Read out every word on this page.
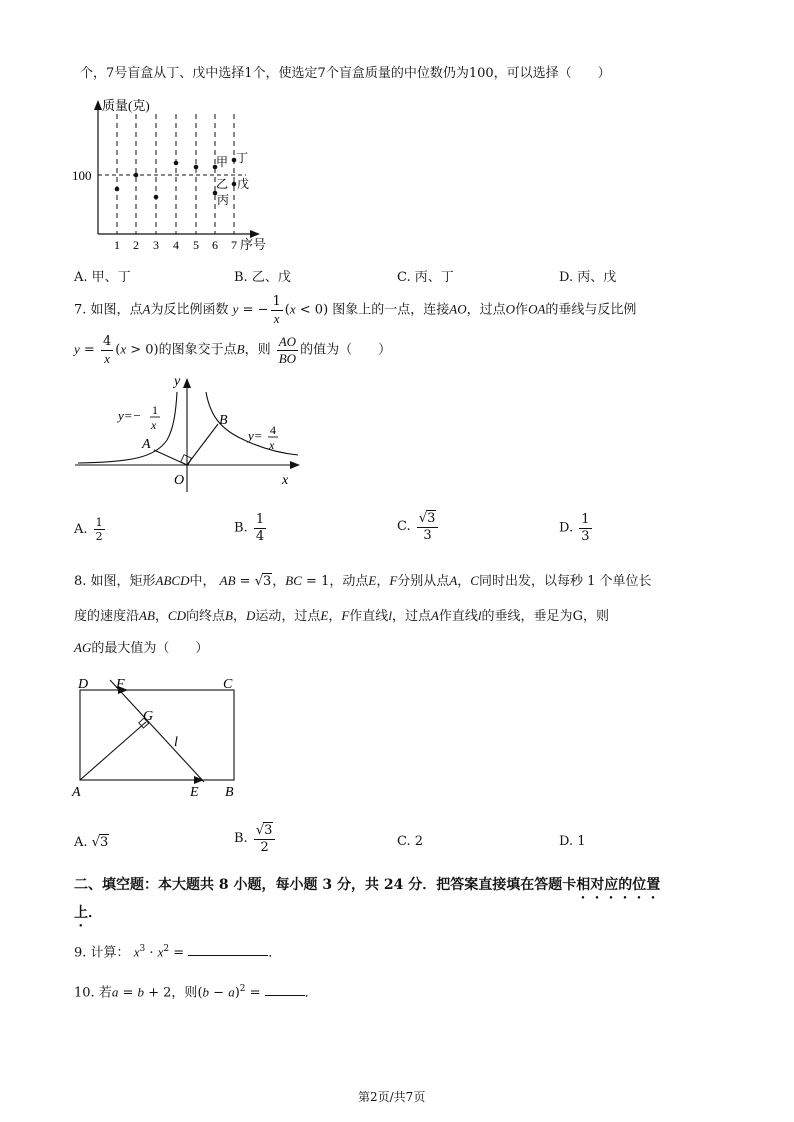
个，7号盲盒从丁、戊中选择1个，使选定7个盲盒质量的中位数仍为100，可以选择（　　）
质量(克)
序号
100
1 2 3 4 5 6 7
甲 丁
乙 戊
丙
A. 甲、丁	B. 乙、戊	C. 丙、丁	D. 丙、戊
7. 如图，点A为反比例函数 y = − $\frac{1}{x} (x < 0)$ 图象上的一点，连接AO，过点O作OA的垂线与反比例
$y = \frac{4}{x} (x > 0)$的图象交于点B，则 $\frac{AO}{BO}$ 的值为（　　）
y
x
O
A
B
y=− 1
x
y= 4
x
A. $\frac{1}{2}$	B. $\frac{1}{4}$	C. $\frac{√3}{3}$	D. $\frac{1}{3}$
8. 如图，矩形ABCD中， AB = √3，BC = 1，动点E，F分别从点A，C同时出发，以每秒 1 个单位长
度的速度沿AB，CD向终点B，D运动，过点E，F作直线l，过点A作直线l的垂线，垂足为G，则
AG的最大值为（　　）
D F	C
G
l
A	E B
A. √3	B. $\frac{√3}{2}$	C. 2	D. 1
二、填空题：本大题共 8 小题，每小题 3 分，共 24 分．把答案直接填在答题卡相对应的位置
上．
9. 计算： $x^3 \cdot x^2$ =	．
10. 若a = b + 2，则$(b - a)^2$ =	．
第2页/共7页
